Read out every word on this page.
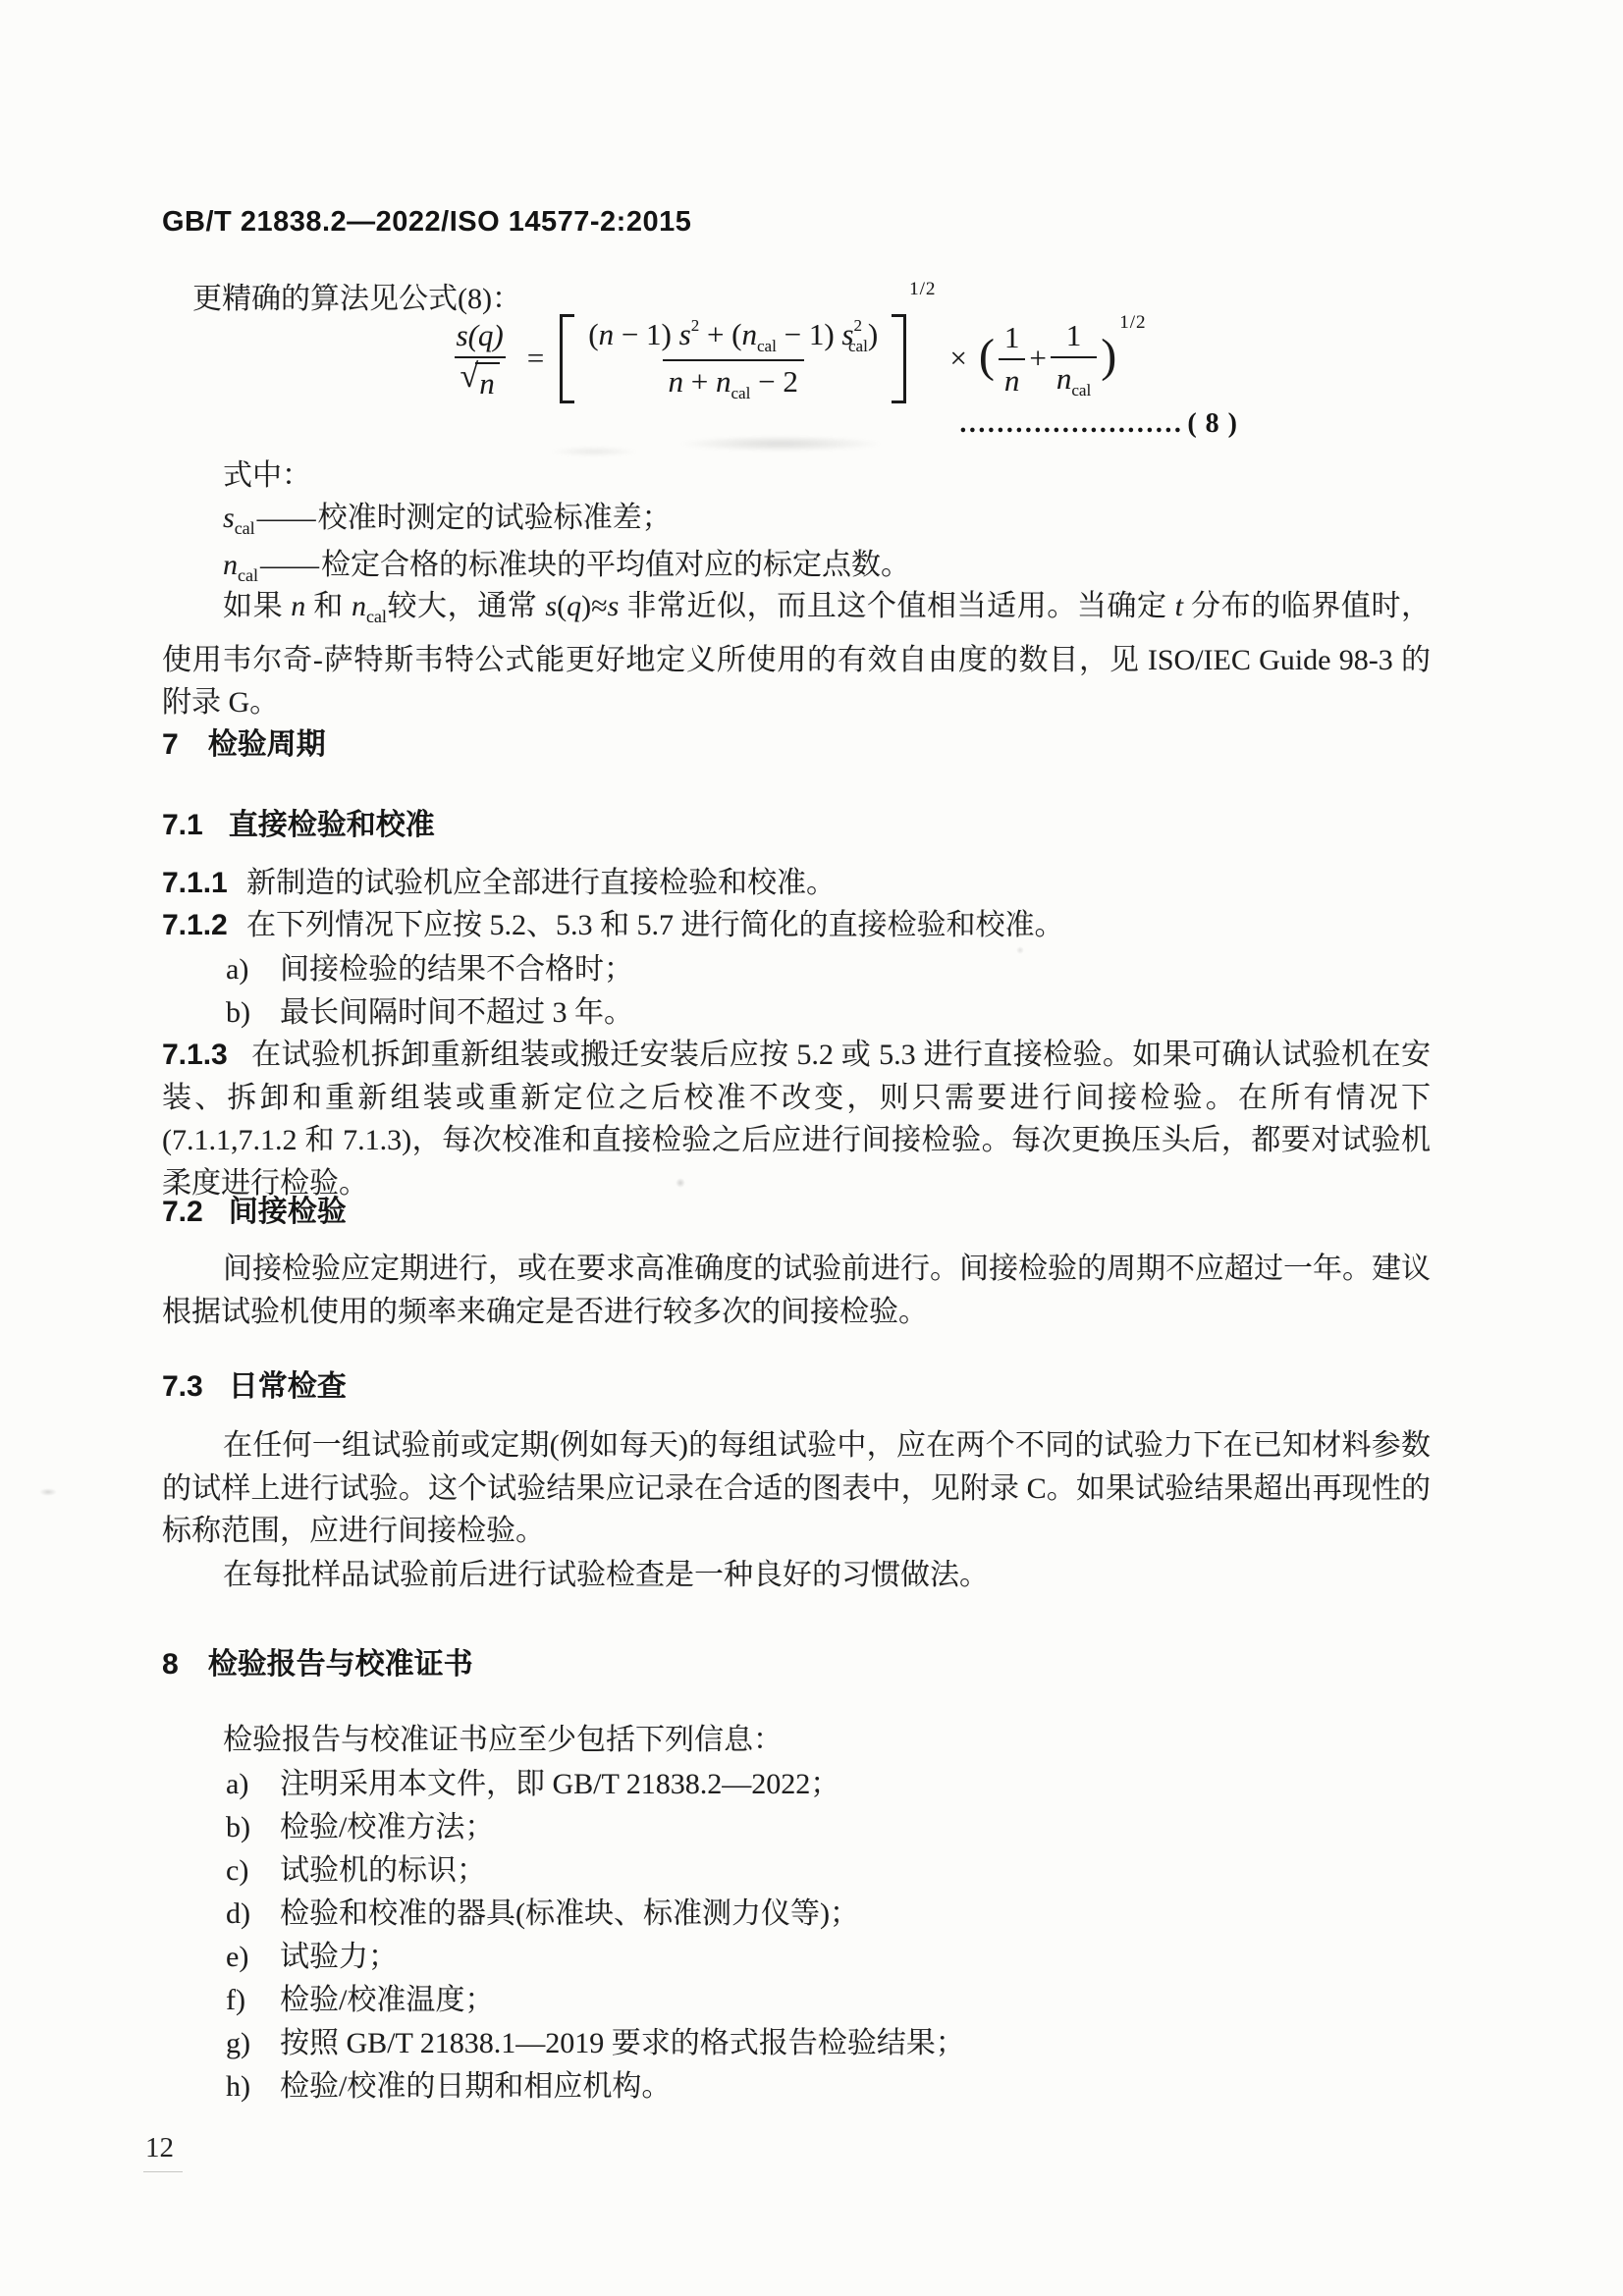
GB/T 21838.2—2022/ISO 14577-2:2015
更精确的算法见公式(8)：
$\frac{s(q)}{√ n} = \frac{(n - 1) s^2 + (n_{cal} - 1) s^2_{cal})}{n + n_{cal} - 2}$
1/2
× ( $\frac{1}{n} + \frac{1}{n_{cal}}$ )
1/2
........................ ( 8 )
式中：
$s_{cal}$ —— 校准时测定的试验标准差；
$n_{cal}$ —— 检定合格的标准块的平均值对应的标定点数。
如果 n 和 $n_{cal}$较大，通常 s(q)≈s 非常近似，而且这个值相当适用。当确定 t 分布的临界值时，使用韦尔奇-萨特斯韦特公式能更好地定义所使用的有效自由度的数目，见 ISO/IEC Guide 98-3 的附录 G。
7 检验周期
7.1 直接检验和校准
7.1.1 新制造的试验机应全部进行直接检验和校准。
7.1.2 在下列情况下应按 5.2、5.3 和 5.7 进行简化的直接检验和校准。
a)	间接检验的结果不合格时；
b)	最长间隔时间不超过 3 年。
7.1.3 在试验机拆卸重新组装或搬迁安装后应按 5.2 或 5.3 进行直接检验。如果可确认试验机在安装、拆卸和重新组装或重新定位之后校准不改变，则只需要进行间接检验。在所有情况下(7.1.1,7.1.2 和 7.1.3)，每次校准和直接检验之后应进行间接检验。每次更换压头后，都要对试验机柔度进行检验。
7.2 间接检验
间接检验应定期进行，或在要求高准确度的试验前进行。间接检验的周期不应超过一年。建议根据试验机使用的频率来确定是否进行较多次的间接检验。
7.3 日常检查
在任何一组试验前或定期(例如每天)的每组试验中，应在两个不同的试验力下在已知材料参数的试样上进行试验。这个试验结果应记录在合适的图表中，见附录 C。如果试验结果超出再现性的标称范围，应进行间接检验。
在每批样品试验前后进行试验检查是一种良好的习惯做法。
8 检验报告与校准证书
检验报告与校准证书应至少包括下列信息：
a)	注明采用本文件，即 GB/T 21838.2—2022；
b)	检验/校准方法；
c)	试验机的标识；
d)	检验和校准的器具(标准块、标准测力仪等)；
e)	试验力；
f)	检验/校准温度；
g)	按照 GB/T 21838.1—2019 要求的格式报告检验结果；
h)	检验/校准的日期和相应机构。
12
